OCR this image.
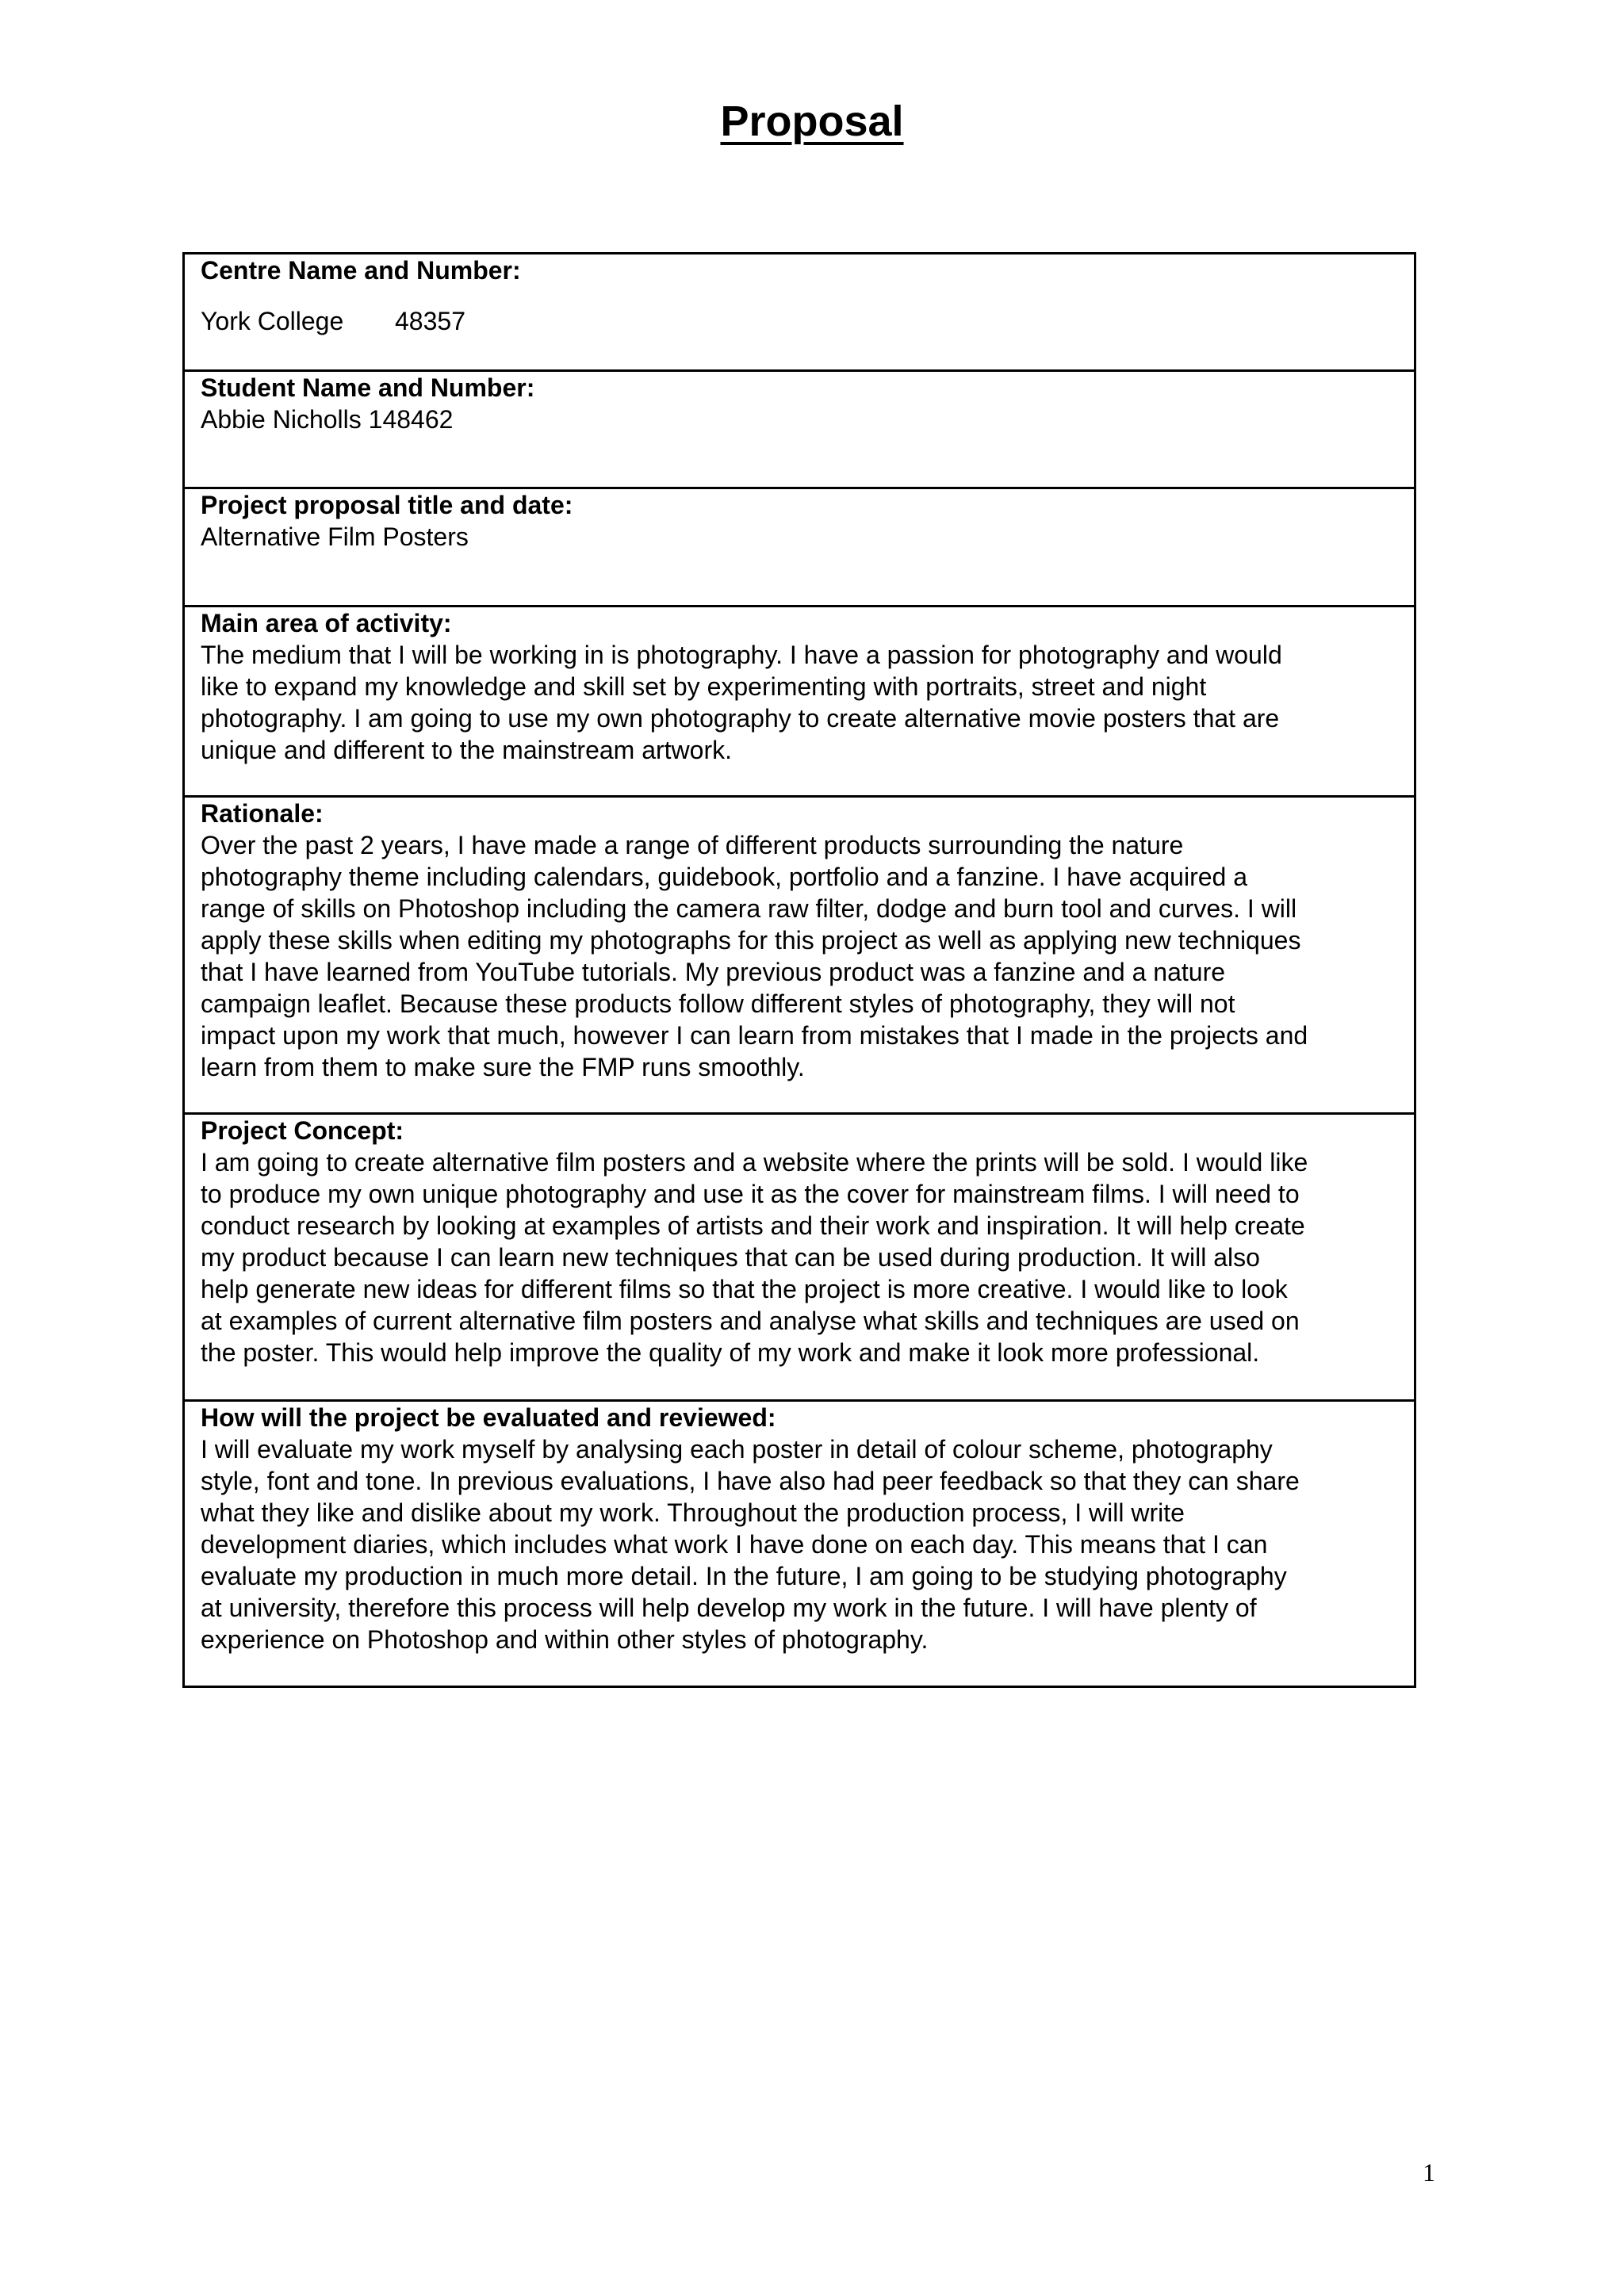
Proposal
Centre Name and Number:
York College	48357
Student Name and Number:
Abbie Nicholls 148462
Project proposal title and date:
Alternative Film Posters
Main area of activity:

The medium that I will be working in is photography. I have a passion for photography and would

like to expand my knowledge and skill set by experimenting with portraits, street and night

photography. I am going to use my own photography to create alternative movie posters that are

unique and different to the mainstream artwork.

Rationale:

Over the past 2 years, I have made a range of different products surrounding the nature

photography theme including calendars, guidebook, portfolio and a fanzine. I have acquired a

range of skills on Photoshop including the camera raw filter, dodge and burn tool and curves. I will

apply these skills when editing my photographs for this project as well as applying new techniques

that I have learned from YouTube tutorials. My previous product was a fanzine and a nature

campaign leaflet. Because these products follow different styles of photography, they will not

impact upon my work that much, however I can learn from mistakes that I made in the projects and

learn from them to make sure the FMP runs smoothly.

Project Concept:

I am going to create alternative film posters and a website where the prints will be sold. I would like

to produce my own unique photography and use it as the cover for mainstream films. I will need to

conduct research by looking at examples of artists and their work and inspiration. It will help create

my product because I can learn new techniques that can be used during production. It will also

help generate new ideas for different films so that the project is more creative. I would like to look

at examples of current alternative film posters and analyse what skills and techniques are used on

the poster. This would help improve the quality of my work and make it look more professional.

How will the project be evaluated and reviewed:

I will evaluate my work myself by analysing each poster in detail of colour scheme, photography

style, font and tone. In previous evaluations, I have also had peer feedback so that they can share

what they like and dislike about my work. Throughout the production process, I will write

development diaries, which includes what work I have done on each day. This means that I can

evaluate my production in much more detail. In the future, I am going to be studying photography

at university, therefore this process will help develop my work in the future. I will have plenty of

experience on Photoshop and within other styles of photography.

1
